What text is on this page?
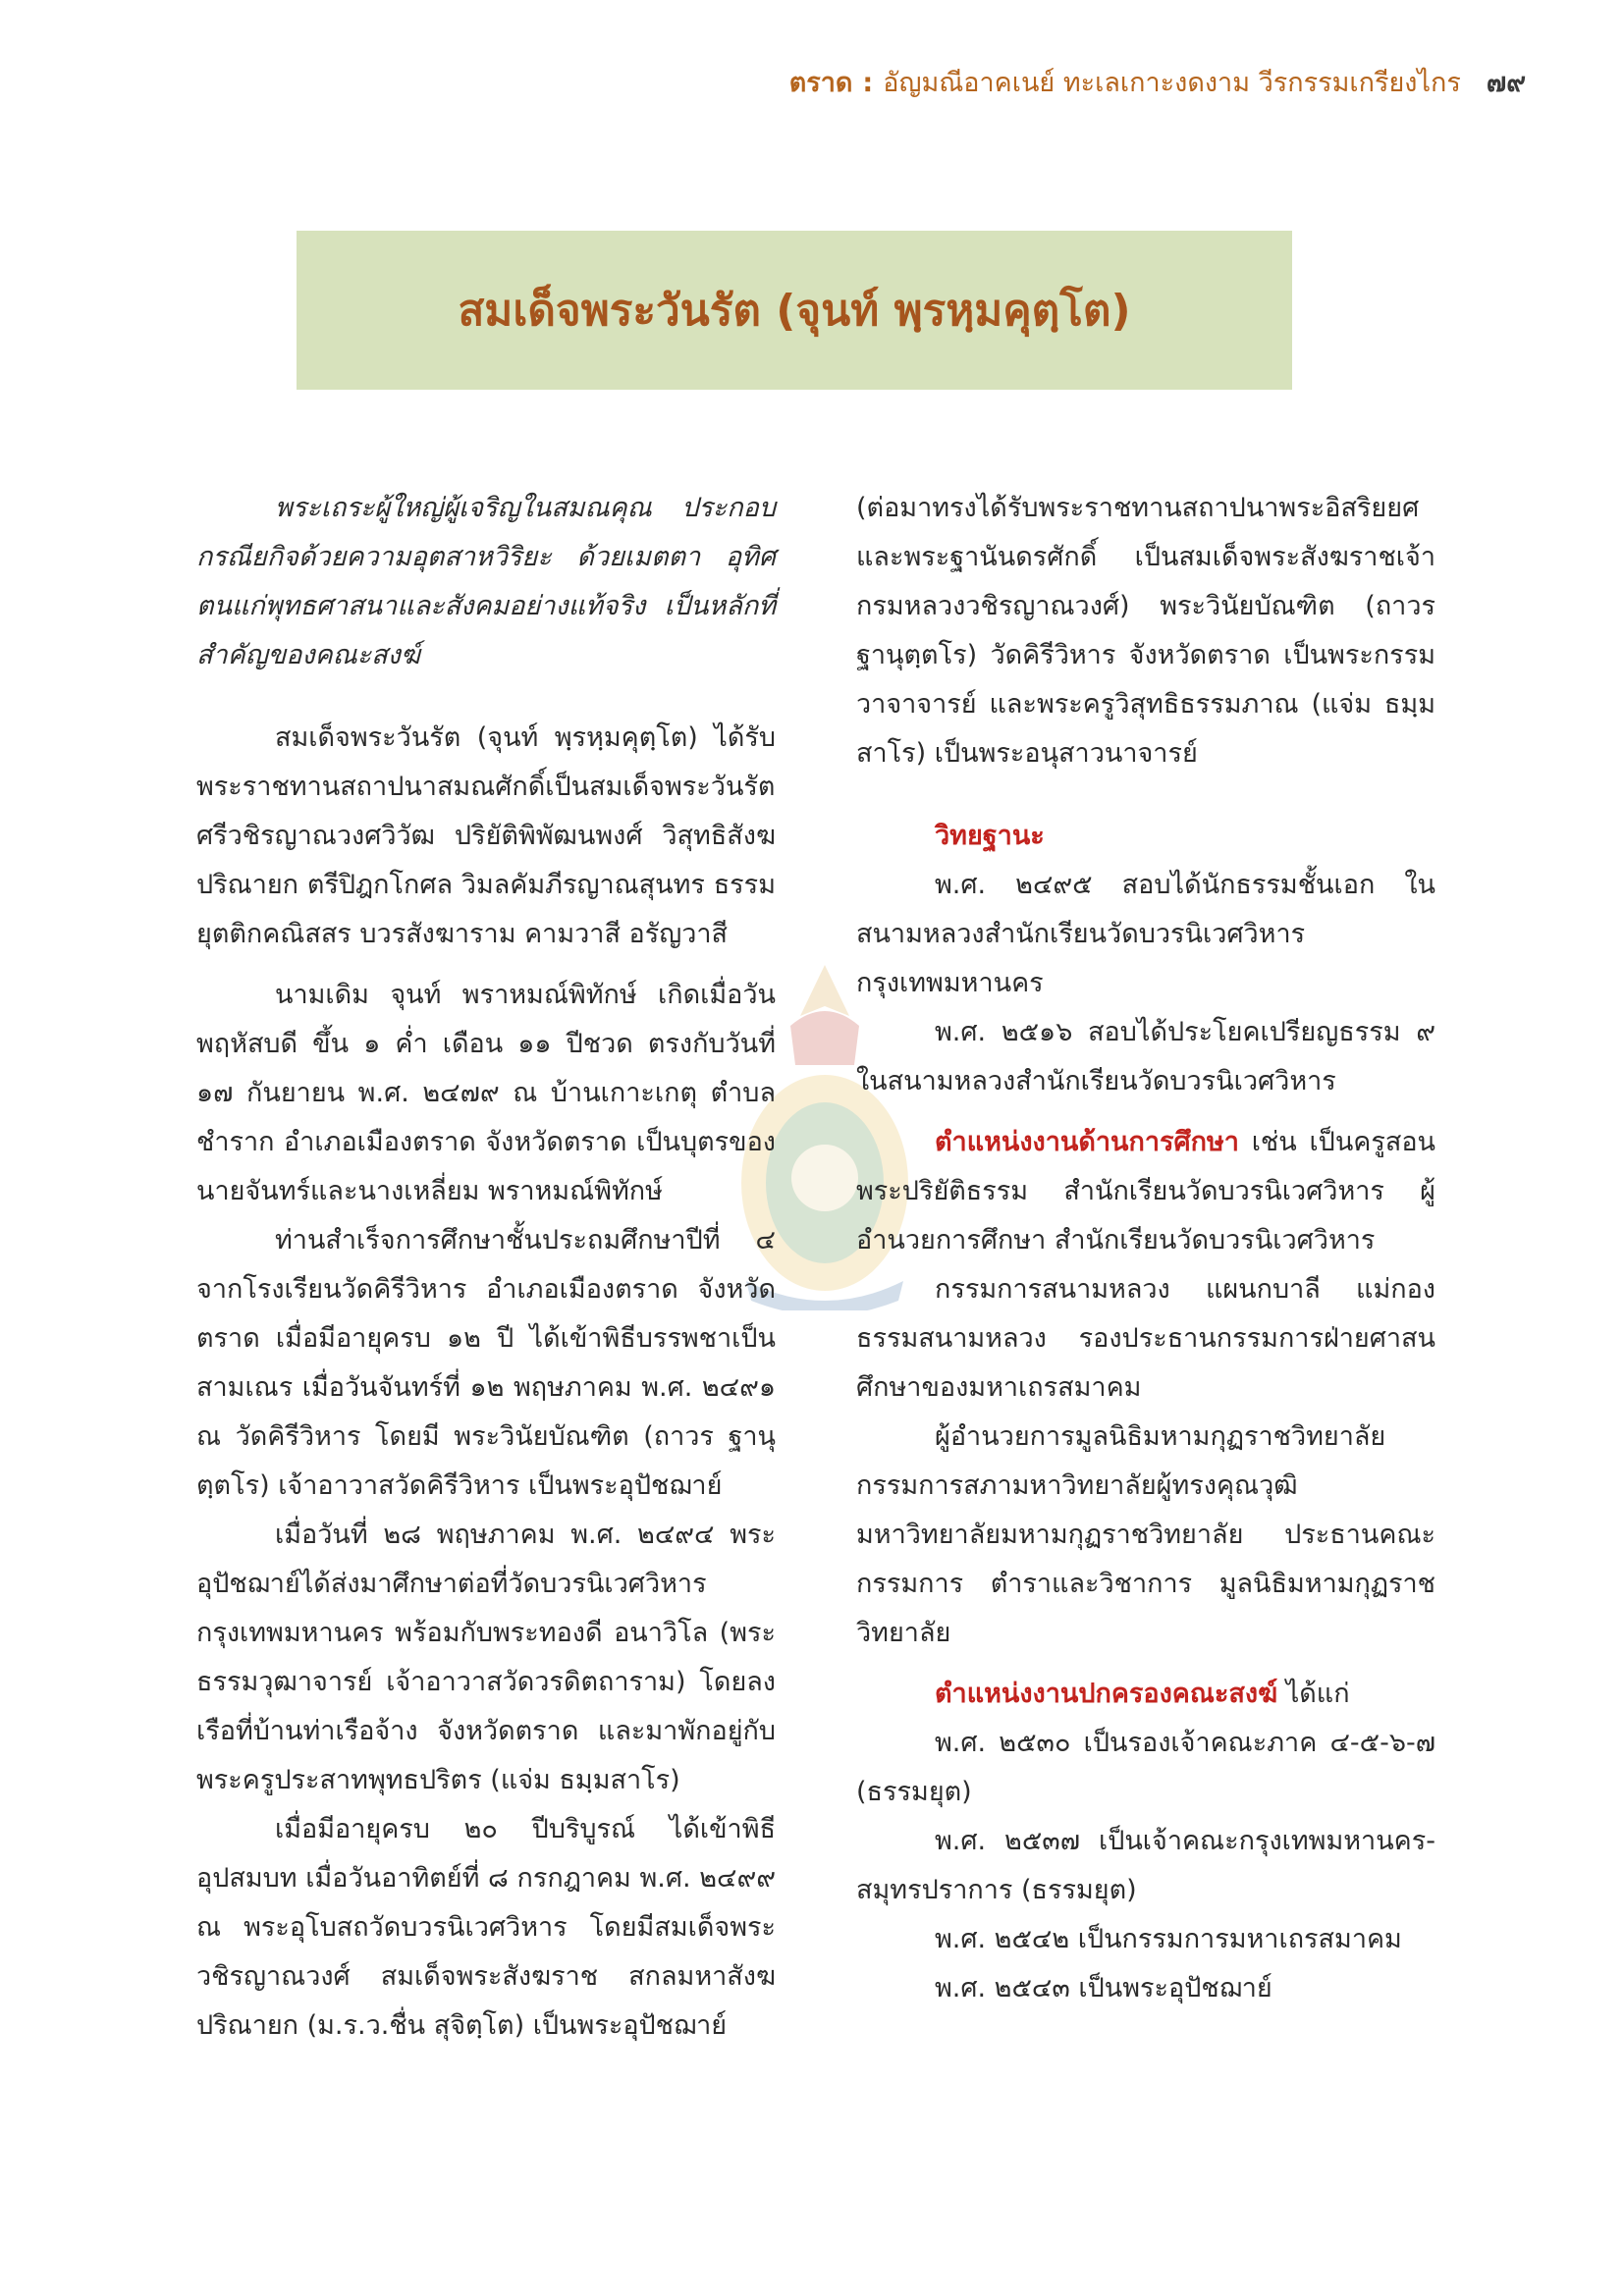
ตราด : อัญมณีอาคเนย์ ทะเลเกาะงดงาม วีรกรรมเกรียงไกร ๗๙
สมเด็จพระวันรัต (จุนท์ พฺรหฺมคุตฺโต)

พระเถระผู้ใหญ่ผู้เจริญในสมณคุณ ประกอบกรณียกิจด้วยความอุตสาหวิริยะ ด้วยเมตตา อุทิศตนแก่พุทธศาสนาและสังคมอย่างแท้จริง เป็นหลักที่สำคัญของคณะสงฆ์

สมเด็จพระวันรัต (จุนท์ พฺรหฺมคุตฺโต) ได้รับพระราชทานสถาปนาสมณศักดิ์เป็นสมเด็จพระวันรัต ศรีวชิรญาณวงศวิวัฒ ปริยัติพิพัฒนพงศ์ วิสุทธิสังฆปริณายก ตรีปิฎกโกศล วิมลคัมภีรญาณสุนทร ธรรมยุตติกคณิสสร บวรสังฆาราม คามวาสี อรัญวาสี

นามเดิม จุนท์ พราหมณ์พิทักษ์ เกิดเมื่อวันพฤหัสบดี ขึ้น ๑ ค่ำ เดือน ๑๑ ปีชวด ตรงกับวันที่ ๑๗ กันยายน พ.ศ. ๒๔๗๙ ณ บ้านเกาะเกตุ ตำบลชำราก อำเภอเมืองตราด จังหวัดตราด เป็นบุตรของนายจันทร์และนางเหลี่ยม พราหมณ์พิทักษ์

ท่านสำเร็จการศึกษาชั้นประถมศึกษาปีที่ ๔ จากโรงเรียนวัดคิรีวิหาร อำเภอเมืองตราด จังหวัดตราด เมื่อมีอายุครบ ๑๒ ปี ได้เข้าพิธีบรรพชาเป็นสามเณร เมื่อวันจันทร์ที่ ๑๒ พฤษภาคม พ.ศ. ๒๔๙๑ ณ วัดคิรีวิหาร โดยมี พระวินัยบัณฑิต (ถาวร ฐานุตฺตโร) เจ้าอาวาสวัดคิรีวิหาร เป็นพระอุปัชฌาย์

เมื่อวันที่ ๒๘ พฤษภาคม พ.ศ. ๒๔๙๔ พระอุปัชฌาย์ได้ส่งมาศึกษาต่อที่วัดบวรนิเวศวิหาร กรุงเทพมหานคร พร้อมกับพระทองดี อนาวิโล (พระธรรมวุฒาจารย์ เจ้าอาวาสวัดวรดิตถาราม) โดยลงเรือที่บ้านท่าเรือจ้าง จังหวัดตราด และมาพักอยู่กับพระครูประสาทพุทธปริตร (แจ่ม ธมฺมสาโร)

เมื่อมีอายุครบ ๒๐ ปีบริบูรณ์ ได้เข้าพิธีอุปสมบท เมื่อวันอาทิตย์ที่ ๘ กรกฎาคม พ.ศ. ๒๔๙๙ ณ พระอุโบสถวัดบวรนิเวศวิหาร โดยมีสมเด็จพระวชิรญาณวงศ์ สมเด็จพระสังฆราช สกลมหาสังฆปริณายก (ม.ร.ว.ชื่น สุจิตฺโต) เป็นพระอุปัชฌาย์

(ต่อมาทรงได้รับพระราชทานสถาปนาพระอิสริยยศและพระฐานันดรศักดิ์ เป็นสมเด็จพระสังฆราชเจ้า กรมหลวงวชิรญาณวงศ์) พระวินัยบัณฑิต (ถาวร ฐานุตฺตโร) วัดคิรีวิหาร จังหวัดตราด เป็นพระกรรมวาจาจารย์ และพระครูวิสุทธิธรรมภาณ (แจ่ม ธมฺมสาโร) เป็นพระอนุสาวนาจารย์

วิทยฐานะ

พ.ศ. ๒๔๙๕ สอบได้นักธรรมชั้นเอก ในสนามหลวงสำนักเรียนวัดบวรนิเวศวิหาร กรุงเทพมหานคร

พ.ศ. ๒๕๑๖ สอบได้ประโยคเปรียญธรรม ๙ ในสนามหลวงสำนักเรียนวัดบวรนิเวศวิหาร

ตำแหน่งงานด้านการศึกษา เช่น เป็นครูสอนพระปริยัติธรรม สำนักเรียนวัดบวรนิเวศวิหาร ผู้อำนวยการศึกษา สำนักเรียนวัดบวรนิเวศวิหาร

กรรมการสนามหลวง แผนกบาลี แม่กองธรรมสนามหลวง รองประธานกรรมการฝ่ายศาสนศึกษาของมหาเถรสมาคม

ผู้อำนวยการมูลนิธิมหามกุฏราชวิทยาลัย กรรมการสภามหาวิทยาลัยผู้ทรงคุณวุฒิ มหาวิทยาลัยมหามกุฏราชวิทยาลัย ประธานคณะกรรมการ ตำราและวิชาการ มูลนิธิมหามกุฏราชวิทยาลัย

ตำแหน่งงานปกครองคณะสงฆ์ ได้แก่

พ.ศ. ๒๕๓๐ เป็นรองเจ้าคณะภาค ๔-๕-๖-๗ (ธรรมยุต)

พ.ศ. ๒๕๓๗ เป็นเจ้าคณะกรุงเทพมหานคร-สมุทรปราการ (ธรรมยุต)

พ.ศ. ๒๕๔๒ เป็นกรรมการมหาเถรสมาคม

พ.ศ. ๒๕๔๓ เป็นพระอุปัชฌาย์
